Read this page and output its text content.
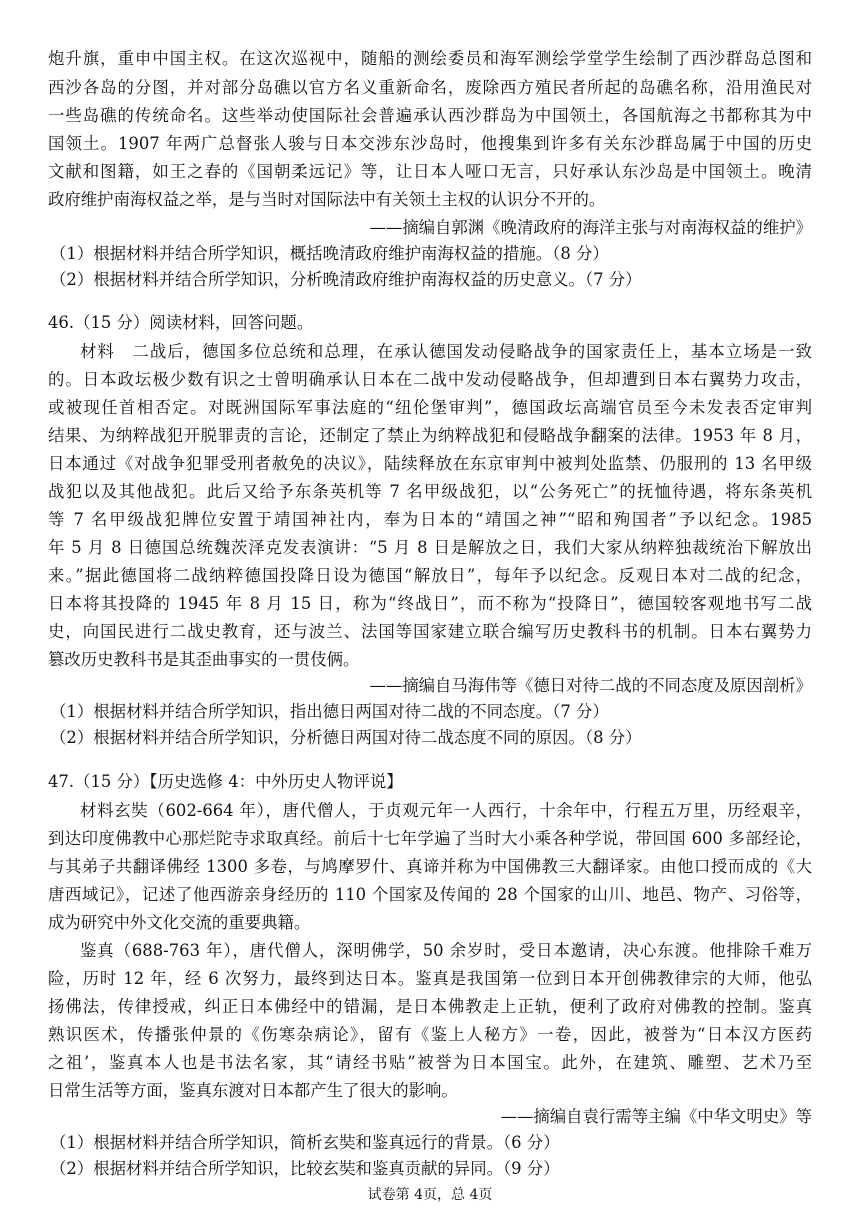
炮升旗，重申中国主权。在这次巡视中，随船的测绘委员和海军测绘学堂学生绘制了西沙群岛总图和
西沙各岛的分图，并对部分岛礁以官方名义重新命名，废除西方殖民者所起的岛礁名称，沿用渔民对
一些岛礁的传统命名。这些举动使国际社会普遍承认西沙群岛为中国领土，各国航海之书都称其为中
国领土。1907 年两广总督张人骏与日本交涉东沙岛时，他搜集到许多有关东沙群岛属于中国的历史
文献和图籍，如王之春的《国朝柔远记》等，让日本人哑口无言，只好承认东沙岛是中国领土。晚清
政府维护南海权益之举，是与当时对国际法中有关领土主权的认识分不开的。
——摘编自郭渊《晚清政府的海洋主张与对南海权益的维护》
（1）根据材料并结合所学知识，概括晚清政府维护南海权益的措施。（8 分）
（2）根据材料并结合所学知识，分析晚清政府维护南海权益的历史意义。（7 分）
46.（15 分）阅读材料，回答问题。
材料　二战后，德国多位总统和总理，在承认德国发动侵略战争的国家责任上，基本立场是一致
的。日本政坛极少数有识之士曾明确承认日本在二战中发动侵略战争，但却遭到日本右翼势力攻击，
或被现任首相否定。对既洲国际军事法庭的“纽伦堡审判”，德国政坛高端官员至今未发表否定审判
结果、为纳粹战犯开脱罪责的言论，还制定了禁止为纳粹战犯和侵略战争翻案的法律。1953 年 8 月，
日本通过《对战争犯罪受刑者赦免的决议》，陆续释放在东京审判中被判处监禁、仍服刑的 13 名甲级
战犯以及其他战犯。此后又给予东条英机等 7 名甲级战犯，以“公务死亡”的抚恤待遇，将东条英机
等 7 名甲级战犯牌位安置于靖国神社内，奉为日本的“靖国之神”“昭和殉国者”予以纪念。1985
年 5 月 8 日德国总统魏茨泽克发表演讲：“5 月 8 日是解放之日，我们大家从纳粹独裁统治下解放出
来。”据此德国将二战纳粹德国投降日设为德国“解放日”，每年予以纪念。反观日本对二战的纪念，
日本将其投降的 1945 年 8 月 15 日，称为“终战日”，而不称为“投降日”，德国较客观地书写二战
史，向国民进行二战史教育，还与波兰、法国等国家建立联合编写历史教科书的机制。日本右翼势力
篡改历史教科书是其歪曲事实的一贯伎俩。
——摘编自马海伟等《德日对待二战的不同态度及原因剖析》
（1）根据材料并结合所学知识，指出德日两国对待二战的不同态度。（7 分）
（2）根据材料并结合所学知识，分析德日两国对待二战态度不同的原因。（8 分）
47.（15 分）【历史选修 4：中外历史人物评说】
材料玄奘（602-664 年），唐代僧人，于贞观元年一人西行，十余年中，行程五万里，历经艰辛，
到达印度佛教中心那烂陀寺求取真经。前后十七年学遍了当时大小乘各种学说，带回国 600 多部经论，
与其弟子共翻译佛经 1300 多卷，与鸠摩罗什、真谛并称为中国佛教三大翻译家。由他口授而成的《大
唐西域记》，记述了他西游亲身经历的 110 个国家及传闻的 28 个国家的山川、地邑、物产、习俗等，
成为研究中外文化交流的重要典籍。
鉴真（688-763 年），唐代僧人，深明佛学，50 余岁时，受日本邀请，决心东渡。他排除千难万
险，历时 12 年，经 6 次努力，最终到达日本。鉴真是我国第一位到日本开创佛教律宗的大师，他弘
扬佛法，传律授戒，纠正日本佛经中的错漏，是日本佛教走上正轨，便利了政府对佛教的控制。鉴真
熟识医术，传播张仲景的《伤寒杂病论》，留有《鉴上人秘方》一卷，因此，被誉为“日本汉方医药
之祖’，鉴真本人也是书法名家，其“请经书贴”被誉为日本国宝。此外，在建筑、雕塑、艺术乃至
日常生活等方面，鉴真东渡对日本都产生了很大的影响。
——摘编自袁行需等主编《中华文明史》等
（1）根据材料并结合所学知识，简析玄奘和鉴真远行的背景。（6 分）
（2）根据材料并结合所学知识，比较玄奘和鉴真贡献的异同。（9 分）
试卷第 4页，总 4页
